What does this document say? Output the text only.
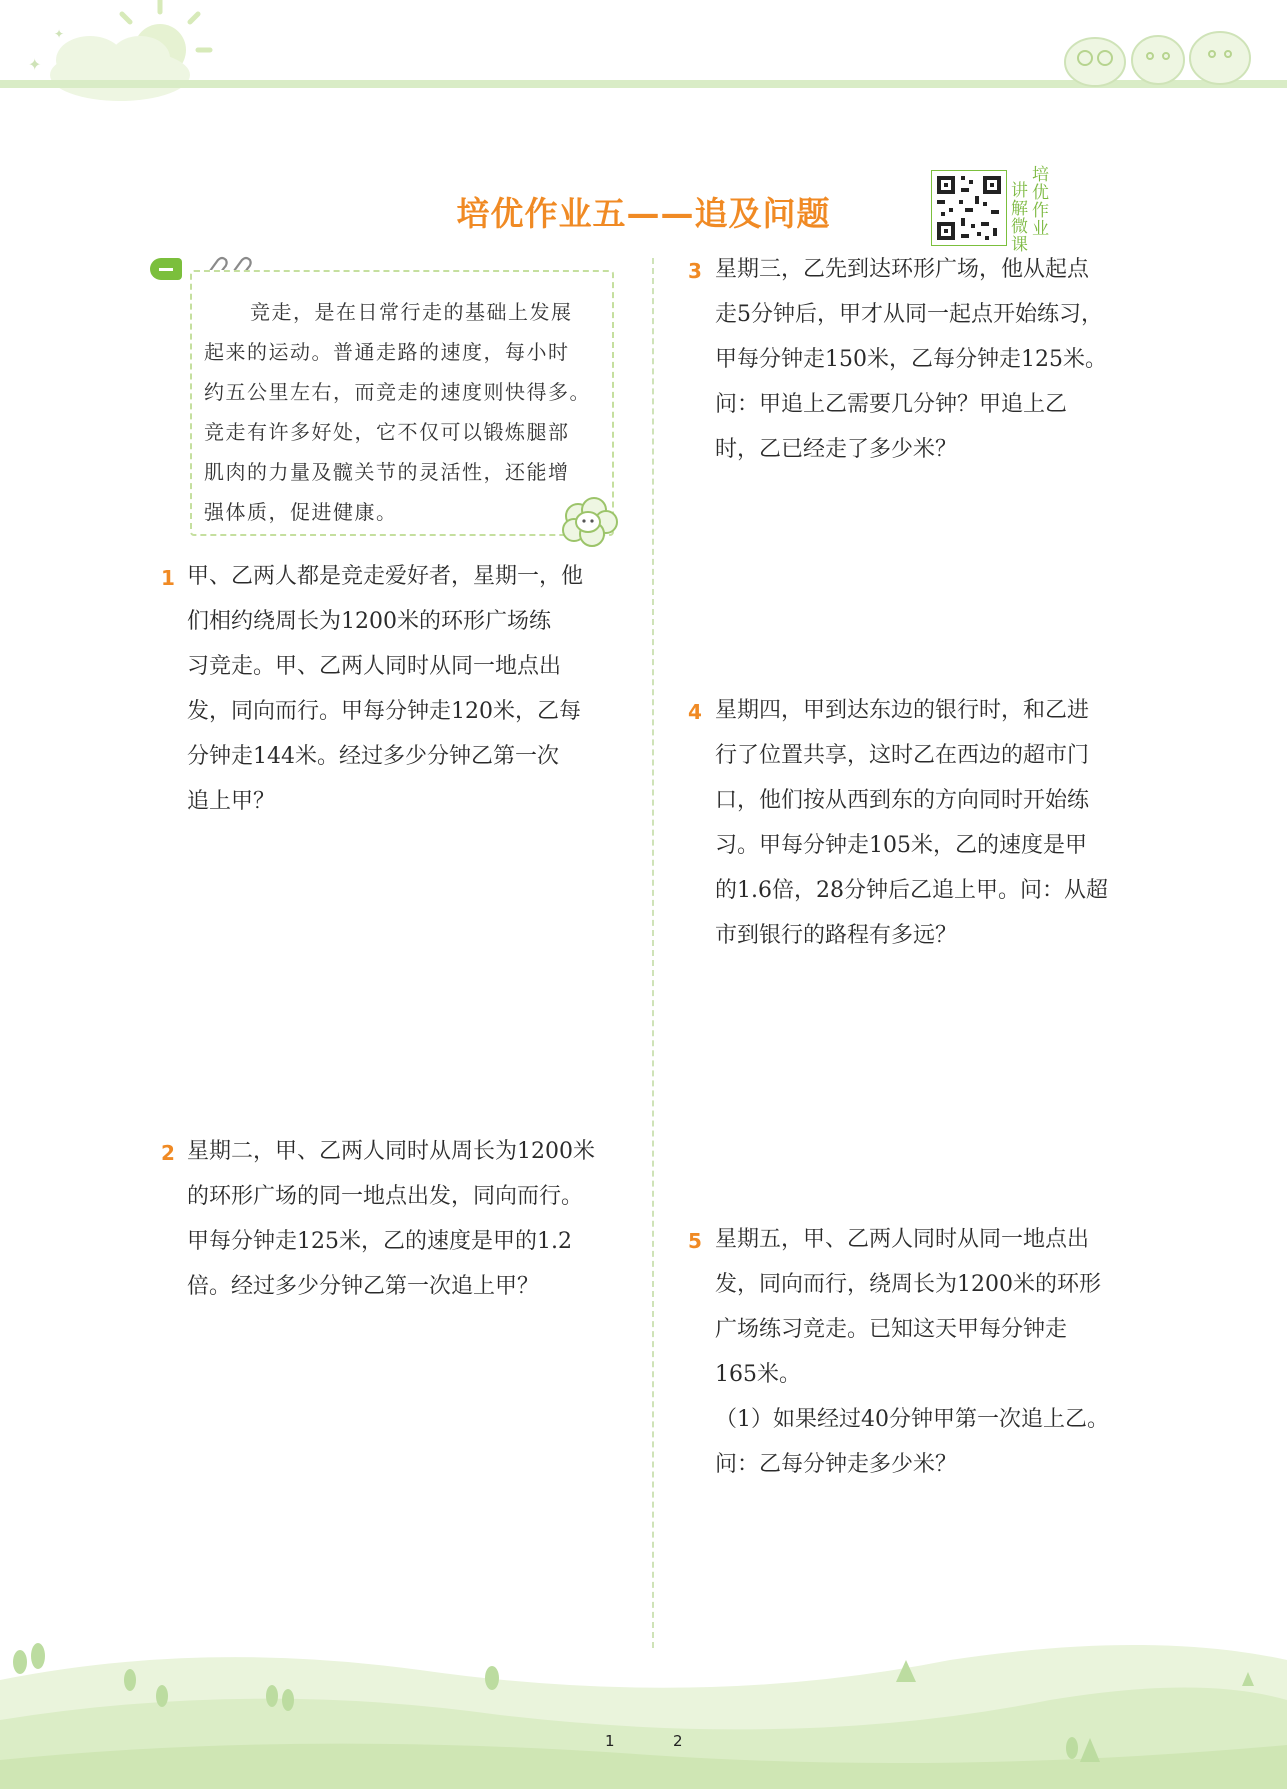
✦
✦
培优作业五——追及问题
讲解微课
培优作业
竞走，是在日常行走的基础上发展
起来的运动。普通走路的速度，每小时
约五公里左右，而竞走的速度则快得多。
竞走有许多好处，它不仅可以锻炼腿部
肌肉的力量及髋关节的灵活性，还能增
强体质，促进健康。
1 甲、乙两人都是竞走爱好者，星期一，他
们相约绕周长为1200米的环形广场练
习竞走。甲、乙两人同时从同一地点出
发，同向而行。甲每分钟走120米，乙每
分钟走144米。经过多少分钟乙第一次
追上甲？
2 星期二，甲、乙两人同时从周长为1200米
的环形广场的同一地点出发，同向而行。
甲每分钟走125米，乙的速度是甲的1.2
倍。经过多少分钟乙第一次追上甲？
3 星期三，乙先到达环形广场，他从起点
走5分钟后，甲才从同一起点开始练习，
甲每分钟走150米，乙每分钟走125米。
问：甲追上乙需要几分钟？甲追上乙
时，乙已经走了多少米？
4 星期四，甲到达东边的银行时，和乙进
行了位置共享，这时乙在西边的超市门
口，他们按从西到东的方向同时开始练
习。甲每分钟走105米，乙的速度是甲
的1.6倍，28分钟后乙追上甲。问：从超
市到银行的路程有多远？
5 星期五，甲、乙两人同时从同一地点出
发，同向而行，绕周长为1200米的环形
广场练习竞走。已知这天甲每分钟走
165米。
（1）如果经过40分钟甲第一次追上乙。
问：乙每分钟走多少米？
1	2
